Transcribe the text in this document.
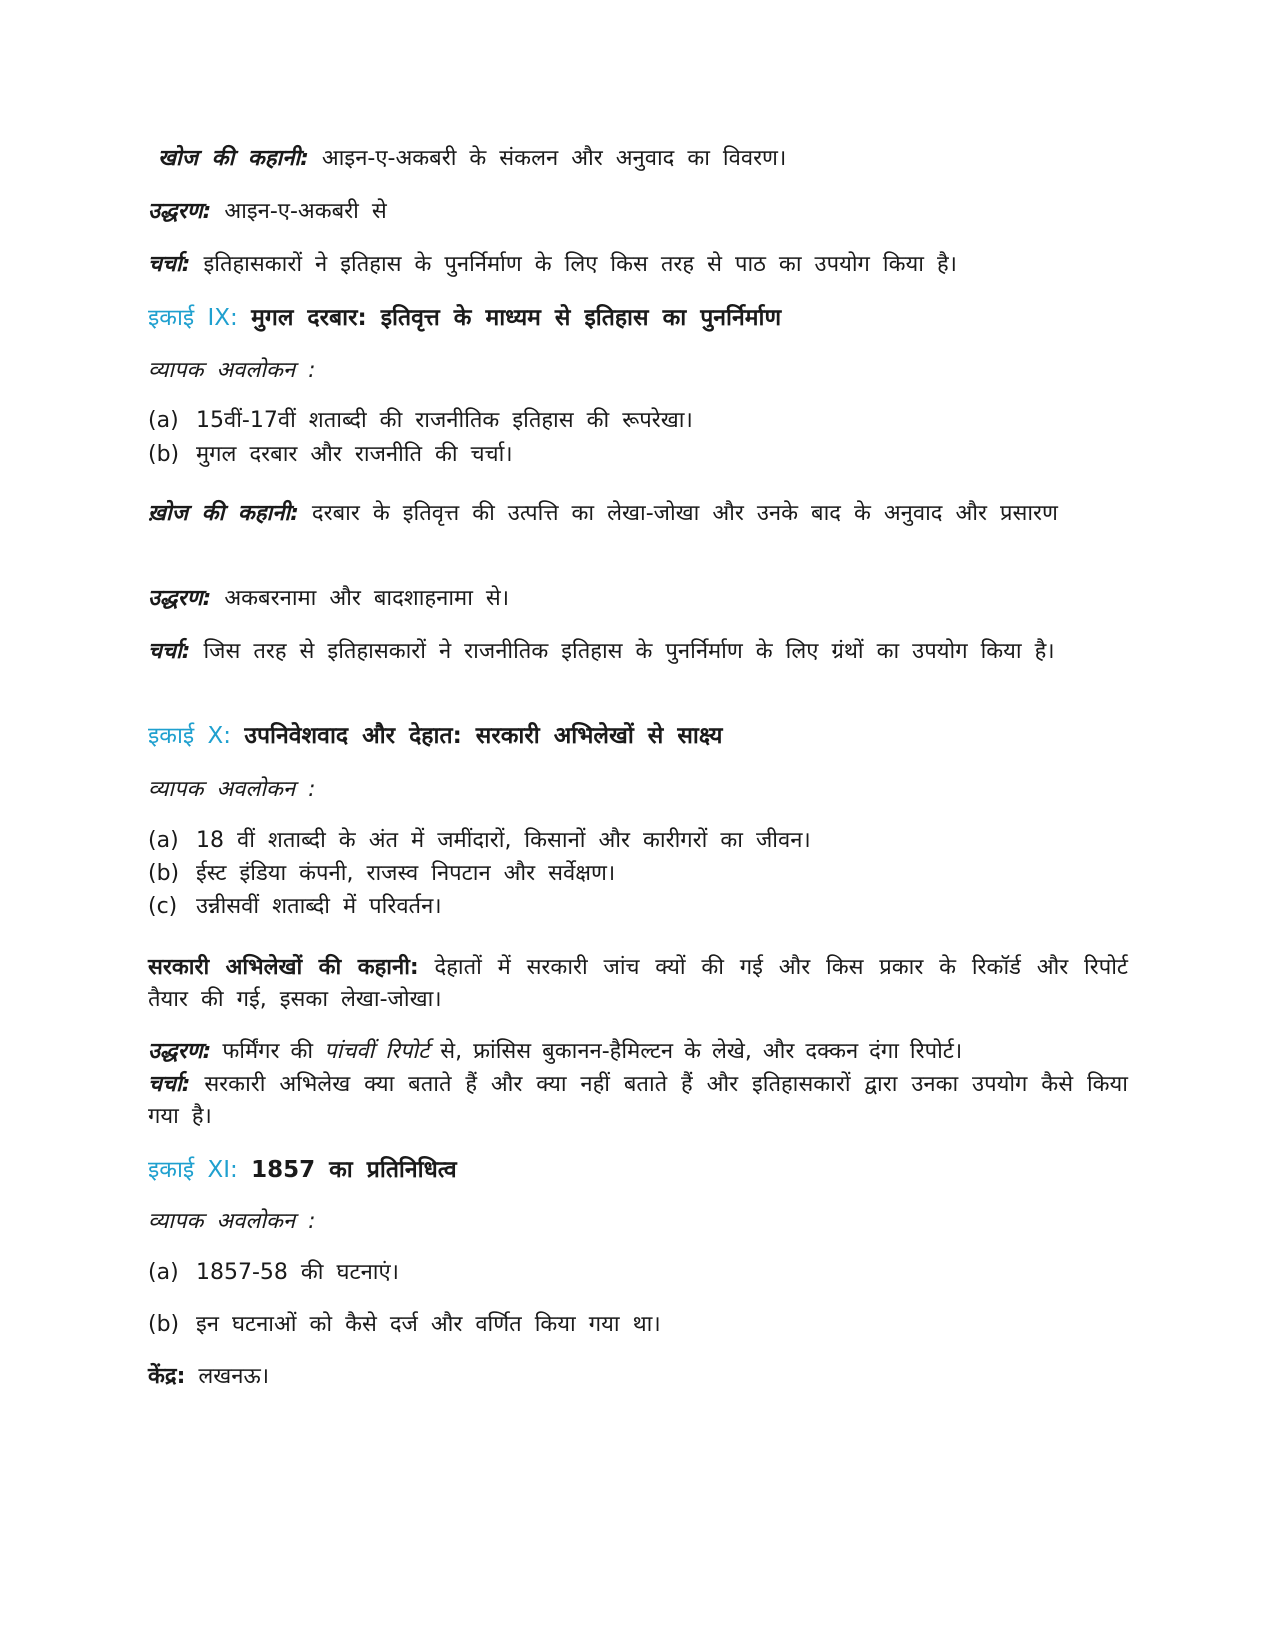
खोज की कहानी: आइन-ए-अकबरी के संकलन और अनुवाद का विवरण।
उद्धरण: आइन-ए-अकबरी से
चर्चा: इतिहासकारों ने इतिहास के पुनर्निर्माण के लिए किस तरह से पाठ का उपयोग किया है।
इकाई IX: मुगल दरबार: इतिवृत्त के माध्यम से इतिहास का पुनर्निर्माण
व्यापक अवलोकन :
(a) 15वीं-17वीं शताब्दी की राजनीतिक इतिहास की रूपरेखा।
(b) मुगल दरबार और राजनीति की चर्चा।
ख़ोज की कहानी: दरबार के इतिवृत्त की उत्पत्ति का लेखा-जोखा और उनके बाद के अनुवाद और प्रसारण
उद्धरण: अकबरनामा और बादशाहनामा से।
चर्चा: जिस तरह से इतिहासकारों ने राजनीतिक इतिहास के पुनर्निर्माण के लिए ग्रंथों का उपयोग किया है।
इकाई X: उपनिवेशवाद और देहात: सरकारी अभिलेखों से साक्ष्य
व्यापक अवलोकन :
(a) 18 वीं शताब्दी के अंत में जमींदारों, किसानों और कारीगरों का जीवन।
(b) ईस्ट इंडिया कंपनी, राजस्व निपटान और सर्वेक्षण।
(c) उन्नीसवीं शताब्दी में परिवर्तन।
सरकारी अभिलेखों की कहानी: देहातों में सरकारी जांच क्यों की गई और किस प्रकार के रिकॉर्ड और रिपोर्ट तैयार की गई, इसका लेखा-जोखा।
उद्धरण: फर्मिंगर की पांचवीं रिपोर्ट से, फ्रांसिस बुकानन-हैमिल्टन के लेखे, और दक्कन दंगा रिपोर्ट।
चर्चा: सरकारी अभिलेख क्या बताते हैं और क्या नहीं बताते हैं और इतिहासकारों द्वारा उनका उपयोग कैसे किया गया है।
इकाई XI: 1857 का प्रतिनिधित्व
व्यापक अवलोकन :
(a) 1857-58 की घटनाएं।
(b) इन घटनाओं को कैसे दर्ज और वर्णित किया गया था।
केंद्र: लखनऊ।
